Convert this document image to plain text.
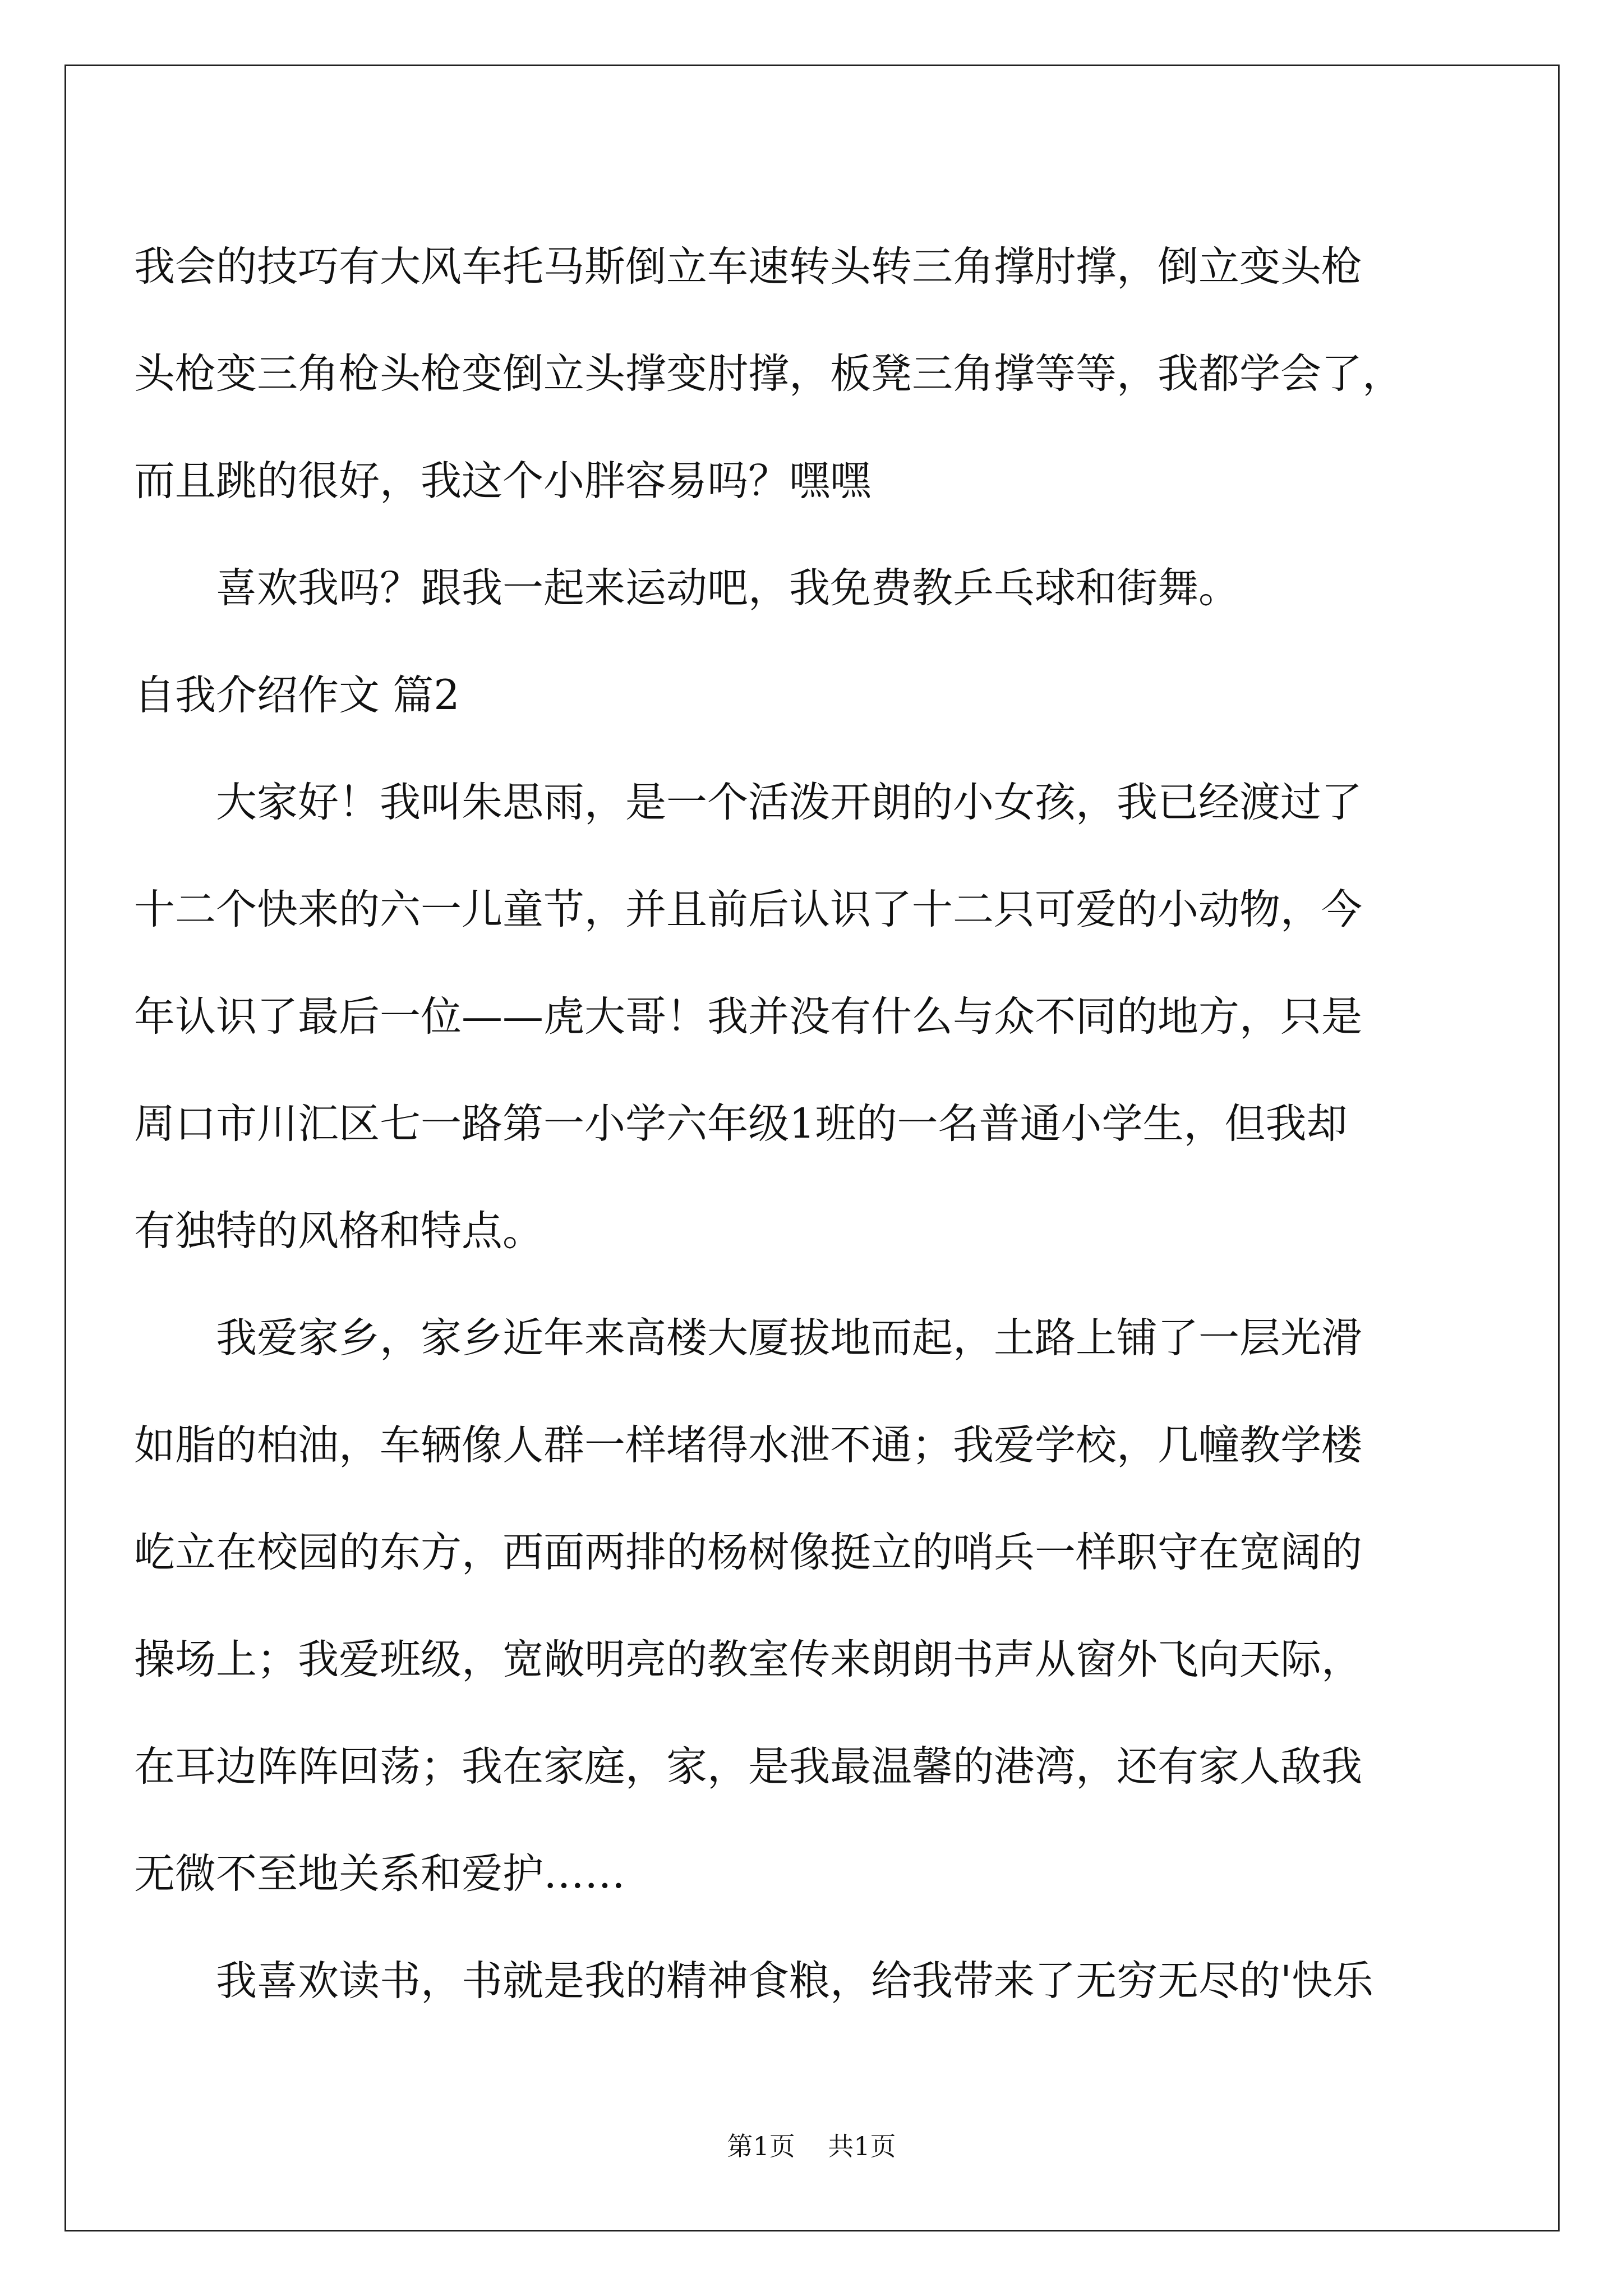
我会的技巧有大风车托马斯倒立车速转头转三角撑肘撑，倒立变头枪
头枪变三角枪头枪变倒立头撑变肘撑，板凳三角撑等等，我都学会了，
而且跳的很好，我这个小胖容易吗？嘿嘿
喜欢我吗？跟我一起来运动吧，我免费教乒乓球和街舞。
自我介绍作文 篇2
大家好！我叫朱思雨，是一个活泼开朗的小女孩，我已经渡过了
十二个快来的六一儿童节，并且前后认识了十二只可爱的小动物，今
年认识了最后一位——虎大哥！我并没有什么与众不同的地方，只是
周口市川汇区七一路第一小学六年级1班的一名普通小学生，但我却
有独特的风格和特点。
我爱家乡，家乡近年来高楼大厦拔地而起，土路上铺了一层光滑
如脂的柏油，车辆像人群一样堵得水泄不通；我爱学校，几幢教学楼
屹立在校园的东方，西面两排的杨树像挺立的哨兵一样职守在宽阔的
操场上；我爱班级，宽敞明亮的教室传来朗朗书声从窗外飞向天际，
在耳边阵阵回荡；我在家庭，家，是我最温馨的港湾，还有家人敌我
无微不至地关系和爱护……
我喜欢读书，书就是我的精神食粮，给我带来了无穷无尽的'快乐
第1页 共1页
